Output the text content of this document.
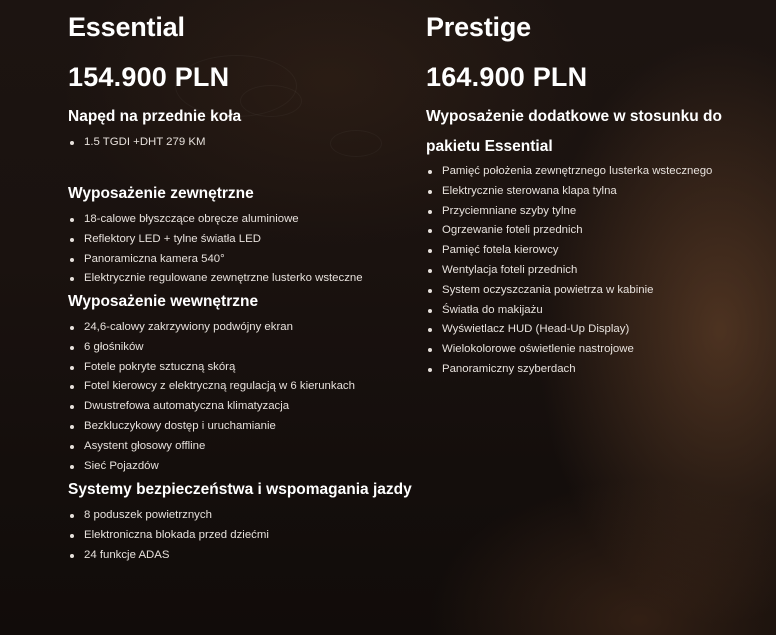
Essential
154.900 PLN
Napęd na przednie koła
1.5 TGDI +DHT 279 KM
Wyposażenie zewnętrzne
18-calowe błyszczące obręcze aluminiowe
Reflektory LED + tylne światła LED
Panoramiczna kamera 540°
Elektrycznie regulowane zewnętrzne lusterko wsteczne
Wyposażenie wewnętrzne
24,6-calowy zakrzywiony podwójny ekran
6 głośników
Fotele pokryte sztuczną skórą
Fotel kierowcy z elektryczną regulacją w 6 kierunkach
Dwustrefowa automatyczna klimatyzacja
Bezkluczykowy dostęp i uruchamianie
Asystent głosowy offline
Sieć Pojazdów
Systemy bezpieczeństwa i wspomagania jazdy
8 poduszek powietrznych
Elektroniczna blokada przed dziećmi
24 funkcje ADAS
Prestige
164.900 PLN
Wyposażenie dodatkowe w stosunku do pakietu Essential
Pamięć położenia zewnętrznego lusterka wstecznego
Elektrycznie sterowana klapa tylna
Przyciemniane szyby tylne
Ogrzewanie foteli przednich
Pamięć fotela kierowcy
Wentylacja foteli przednich
System oczyszczania powietrza w kabinie
Światła do makijażu
Wyświetlacz HUD (Head-Up Display)
Wielokolorowe oświetlenie nastrojowe
Panoramiczny szyberdach
